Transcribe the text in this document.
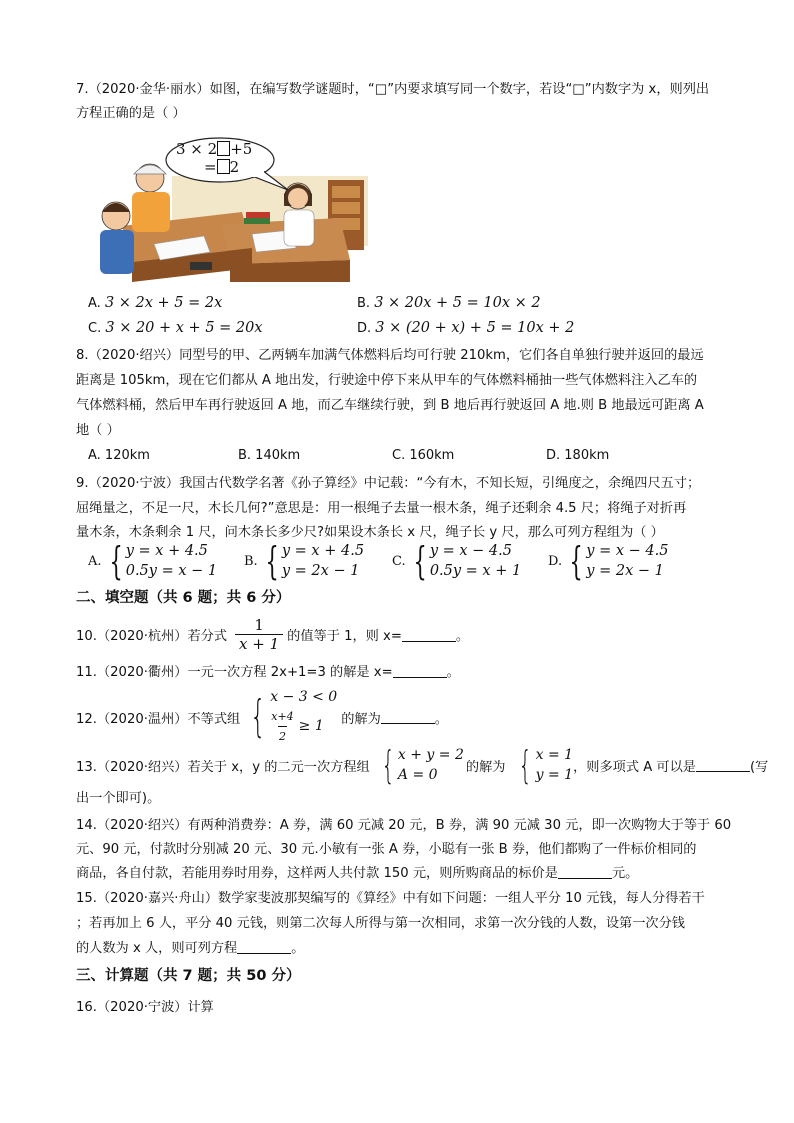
7.（2020·金华·丽水）如图，在编写数学谜题时，“□”内要求填写同一个数字，若设“□”内数字为 x，则列出
方程正确的是（ ）
3 × 2 +5
= 2
A. 3 × 2x + 5 = 2x	B. 3 × 20x + 5 = 10x × 2
C. 3 × 20 + x + 5 = 20x	D. 3 × (20 + x) + 5 = 10x + 2
8.（2020·绍兴）同型号的甲、乙两辆车加满气体燃料后均可行驶 210km，它们各自单独行驶并返回的最远
距离是 105km，现在它们都从 A 地出发，行驶途中停下来从甲车的气体燃料桶抽一些气体燃料注入乙车的
气体燃料桶，然后甲车再行驶返回 A 地，而乙车继续行驶，到 B 地后再行驶返回 A 地.则 B 地最远可距离 A
地（ ）
A. 120km	B. 140km	C. 160km	D. 180km
9.（2020·宁波）我国古代数学名著《孙子算经》中记载：“今有木，不知长短，引绳度之，余绳四尺五寸；
屈绳量之，不足一尺，木长几何?”意思是：用一根绳子去量一根木条，绳子还剩余 4.5 尺；将绳子对折再
量木条，木条剩余 1 尺，问木条长多少尺?如果设木条长 x 尺，绳子长 y 尺，那么可列方程组为（ ）
A. { y = x + 4.5
0.5y = x − 1
B. { y = x + 4.5
y = 2x − 1
C. { y = x − 4.5
0.5y = x + 1
D. { y = x − 4.5
y = 2x − 1
二、填空题（共 6 题；共 6 分）
10.（2020·杭州）若分式 $\frac{1}{x + 1}$ 的值等于 1，则 x=	。
11.（2020·衢州）一元一次方程 2x+1=3 的解是 x=	。
12.（2020·温州）不等式组 { x − 3 < 0
$\frac{x+4}{2} \ge 1$ 的解为	。
13.（2020·绍兴）若关于 x，y 的二元一次方程组 { x + y = 2
A = 0	的解为 { x = 1
y = 1 ，则多项式 A 可以是	(写
出一个即可)。
14.（2020·绍兴）有两种消费券：A 券，满 60 元减 20 元，B 券，满 90 元减 30 元，即一次购物大于等于 60
元、90 元，付款时分别减 20 元、30 元.小敏有一张 A 券，小聪有一张 B 券，他们都购了一件标价相同的
商品，各自付款，若能用券时用券，这样两人共付款 150 元，则所购商品的标价是	元。
15.（2020·嘉兴·舟山）数学家斐波那契编写的《算经》中有如下问题：一组人平分 10 元钱，每人分得若干
；若再加上 6 人，平分 40 元钱，则第二次每人所得与第一次相同，求第一次分钱的人数，设第一次分钱
的人数为 x 人，则可列方程	。
三、计算题（共 7 题；共 50 分）
16.（2020·宁波）计算
